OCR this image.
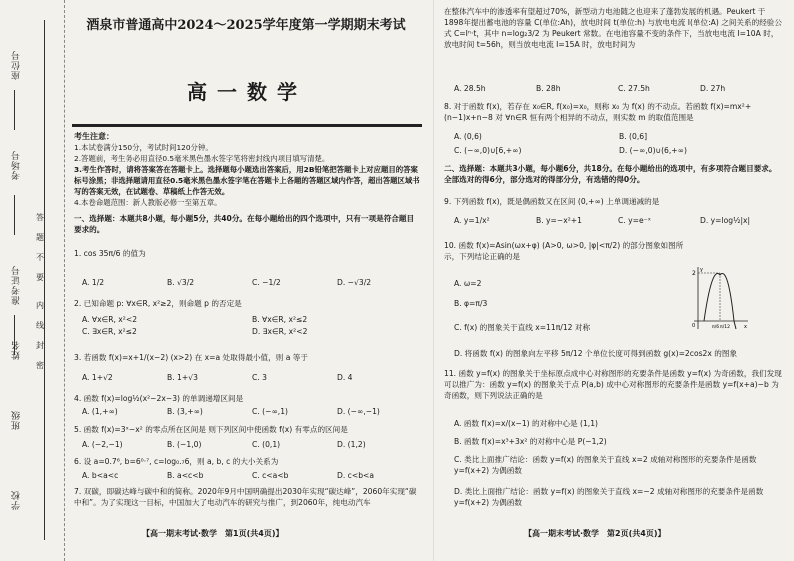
座位号
考场号
准考证号
姓名
班级
学校
答
题
不
要
内
线
封
密
酒泉市普通高中2024～2025学年度第一学期期末考试
高一数学
考生注意：
1.本试卷满分150分，考试时间120分钟。
2.答题前，考生务必用直径0.5毫米黑色墨水签字笔将密封线内项目填写清楚。
3.考生作答时，请将答案答在答题卡上。选择题每小题选出答案后，用2B铅笔把答题卡上对应题目的答案标号涂黑；非选择题请用直径0.5毫米黑色墨水签字笔在答题卡上各题的答题区域内作答，超出答题区域书写的答案无效，在试题卷、草稿纸上作答无效。
4.本卷命题范围：新人教版必修一至第五章。
一、选择题：本题共8小题，每小题5分，共40分。在每小题给出的四个选项中，只有一项是符合题目要求的。
1. cos 35π/6 的值为
A. 1/2	B. √3/2	C. −1/2	D. −√3/2
2. 已知命题 p: ∀x∈R, x²≥2，则命题 p 的否定是
A. ∀x∈R, x²<2	B. ∀x∈R, x²≤2
C. ∃x∈R, x²≤2	D. ∃x∈R, x²<2
3. 若函数 f(x)=x+1/(x−2) (x>2) 在 x=a 处取得最小值，则 a 等于
A. 1+√2	B. 1+√3	C. 3	D. 4
4. 函数 f(x)=log½(x²−2x−3) 的单调递增区间是
A. (1,+∞)	B. (3,+∞)	C. (−∞,1)	D. (−∞,−1)
5. 函数 f(x)=3ˣ−x² 的零点所在区间是 则下列区间中使函数 f(x) 有零点的区间是
A. (−2,−1)	B. (−1,0)	C. (0,1)	D. (1,2)
6. 设 a=0.7⁶, b=6⁰·⁷, c=log₀.₇6，则 a, b, c 的大小关系为
A. b<a<c	B. a<c<b	C. c<a<b	D. c<b<a
7. 双碳，即碳达峰与碳中和的简称。2020年9月中国明确提出2030年实现“碳达峰”，2060年实现“碳中和”。为了实现这一目标，中国加大了电动汽车的研究与推广，到2060年，纯电动汽车
【高一期末考试·数学　第1页(共4页)】
在整体汽车中的渗透率有望超过70%，新型动力电池随之也迎来了蓬勃发展的机遇。Peukert 于1898年提出蓄电池的容量 C(单位:Ah)，放电时间 t(单位:h) 与放电电流 I(单位:A) 之间关系的经验公式 C=Iⁿ·t，其中 n=log₂3/2 为 Peukert 常数。在电池容量不变的条件下，当放电电流 I=10A 时，放电时间 t=56h，则当放电电流 I=15A 时，放电时间为
A. 28.5h	B. 28h	C. 27.5h	D. 27h
8. 对于函数 f(x)，若存在 x₀∈R, f(x₀)=x₀，则称 x₀ 为 f(x) 的不动点。若函数 f(x)=mx²+(n−1)x+n−8 对 ∀n∈R 恒有两个相异的不动点，则实数 m 的取值范围是
A. (0,6)	B. (0,6]
C. (−∞,0)∪[6,+∞)	D. (−∞,0)∪(6,+∞)
二、选择题：本题共3小题，每小题6分，共18分。在每小题给出的选项中，有多项符合题目要求。全部选对的得6分，部分选对的得部分分，有选错的得0分。
9. 下列函数 f(x)，既是偶函数又在区间 (0,+∞) 上单调递减的是
A. y=1/x²	B. y=−x²+1	C. y=e⁻ˣ	D. y=log½|x|
10. 函数 f(x)=Asin(ωx+φ) (A>0, ω>0, |φ|<π/2) 的部分图象如图所示，下列结论正确的是
A. ω=2
B. φ=π/3
C. f(x) 的图象关于直线 x=11π/12 对称
D. 将函数 f(x) 的图象向左平移 5π/12 个单位长度可得到函数 g(x)=2cos2x 的图象
11. 函数 y=f(x) 的图象关于坐标原点成中心对称图形的充要条件是函数 y=f(x) 为奇函数，我们发现可以推广为：函数 y=f(x) 的图象关于点 P(a,b) 成中心对称图形的充要条件是函数 y=f(x+a)−b 为奇函数，则下列说法正确的是
A. 函数 f(x)=x/(x−1) 的对称中心是 (1,1)
B. 函数 f(x)=x³+3x² 的对称中心是 P(−1,2)
C. 类比上面推广结论：函数 y=f(x) 的图象关于直线 x=2 成轴对称图形的充要条件是函数 y=f(x+2) 为偶函数
D. 类比上面推广结论：函数 y=f(x) 的图象关于直线 x=−2 成轴对称图形的充要条件是函数 y=f(x+2) 为偶函数
【高一期末考试·数学　第2页(共4页)】
2
π/6 π/12
0	x
y
